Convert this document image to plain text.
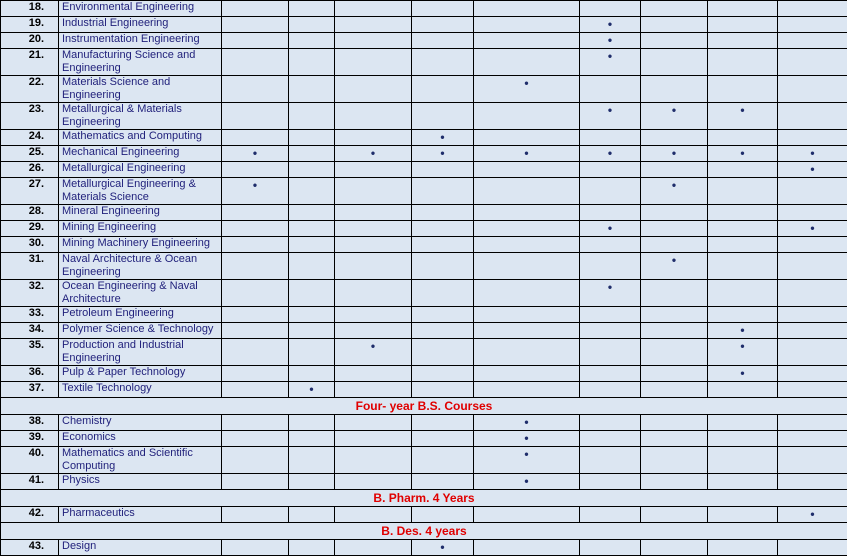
18.	Environmental Engineering										
19.	Industrial Engineering						•				
20.	Instrumentation Engineering						•				
21.	Manufacturing Science and Engineering						•				
22.	Materials Science and Engineering					•					
23.	Metallurgical & Materials Engineering						•	•	•		
24.	Mathematics and Computing				•						
25.	Mechanical Engineering	•		•	•	•	•	•	•	•	
26.	Metallurgical Engineering									•	
27.	Metallurgical Engineering & Materials Science	•						•			
28.	Mineral Engineering										
29.	Mining Engineering						•			•	
30.	Mining Machinery Engineering										
31.	Naval Architecture & Ocean Engineering							•			
32.	Ocean Engineering & Naval Architecture						•				
33.	Petroleum Engineering										
34.	Polymer Science & Technology								•		
35.	Production and Industrial Engineering			•					•		
36.	Pulp & Paper Technology								•		
37.	Textile Technology		•								
Four- year B.S. Courses											
38.	Chemistry					•					
39.	Economics					•					
40.	Mathematics and Scientific Computing					•					
41.	Physics					•					
B. Pharm. 4 Years											
42.	Pharmaceutics									•	
B. Des. 4 years											
43.	Design				•						
